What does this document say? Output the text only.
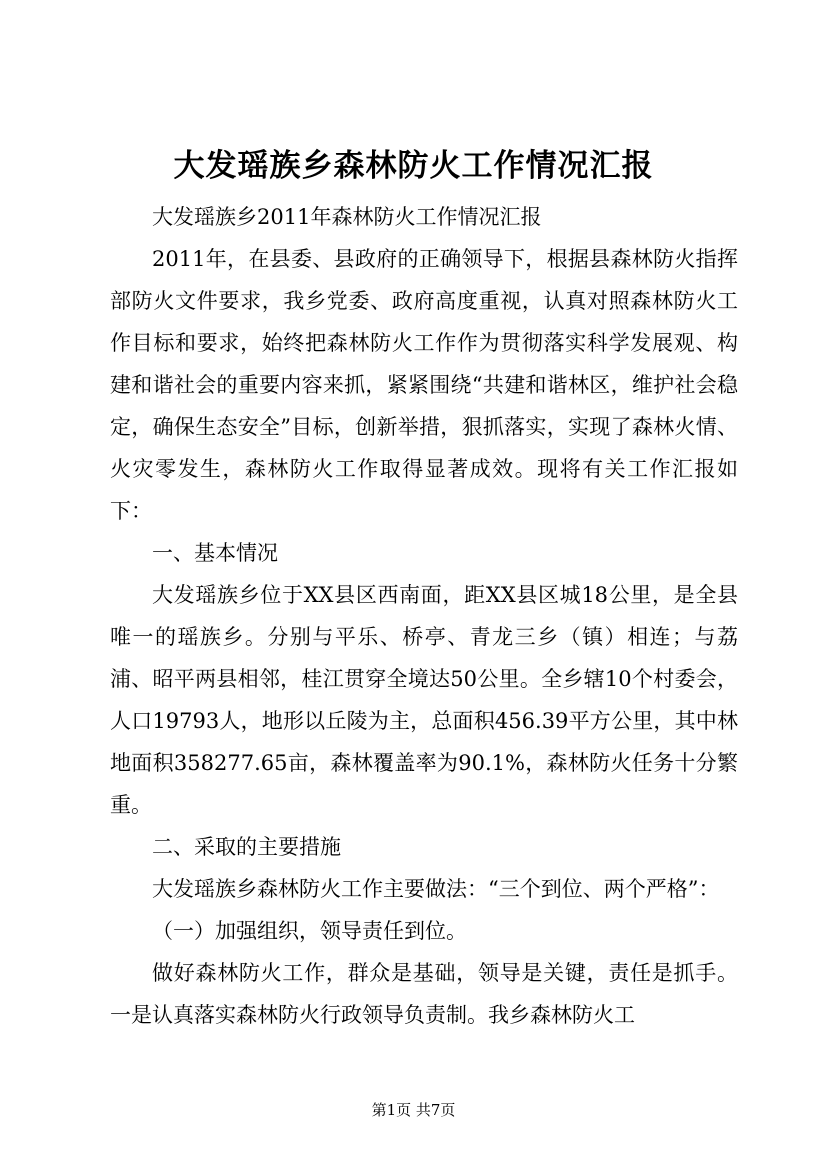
大发瑶族乡森林防火工作情况汇报

大发瑶族乡2011年森林防火工作情况汇报

2011年，在县委、县政府的正确领导下，根据县森林防火指挥部防火文件要求，我乡党委、政府高度重视，认真对照森林防火工作目标和要求，始终把森林防火工作作为贯彻落实科学发展观、构建和谐社会的重要内容来抓，紧紧围绕“共建和谐林区，维护社会稳定，确保生态安全”目标，创新举措，狠抓落实，实现了森林火情、火灾零发生，森林防火工作取得显著成效。现将有关工作汇报如下：

一、基本情况

大发瑶族乡位于XX县区西南面，距XX县区城18公里，是全县唯一的瑶族乡。分别与平乐、桥亭、青龙三乡（镇）相连；与荔浦、昭平两县相邻，桂江贯穿全境达50公里。全乡辖10个村委会，人口19793人，地形以丘陵为主，总面积456.39平方公里，其中林地面积358277.65亩，森林覆盖率为90.1%，森林防火任务十分繁重。

二、采取的主要措施

大发瑶族乡森林防火工作主要做法：“三个到位、两个严格”：

（一）加强组织，领导责任到位。

做好森林防火工作，群众是基础，领导是关键，责任是抓手。一是认真落实森林防火行政领导负责制。我乡森林防火工

第1页 共7页
